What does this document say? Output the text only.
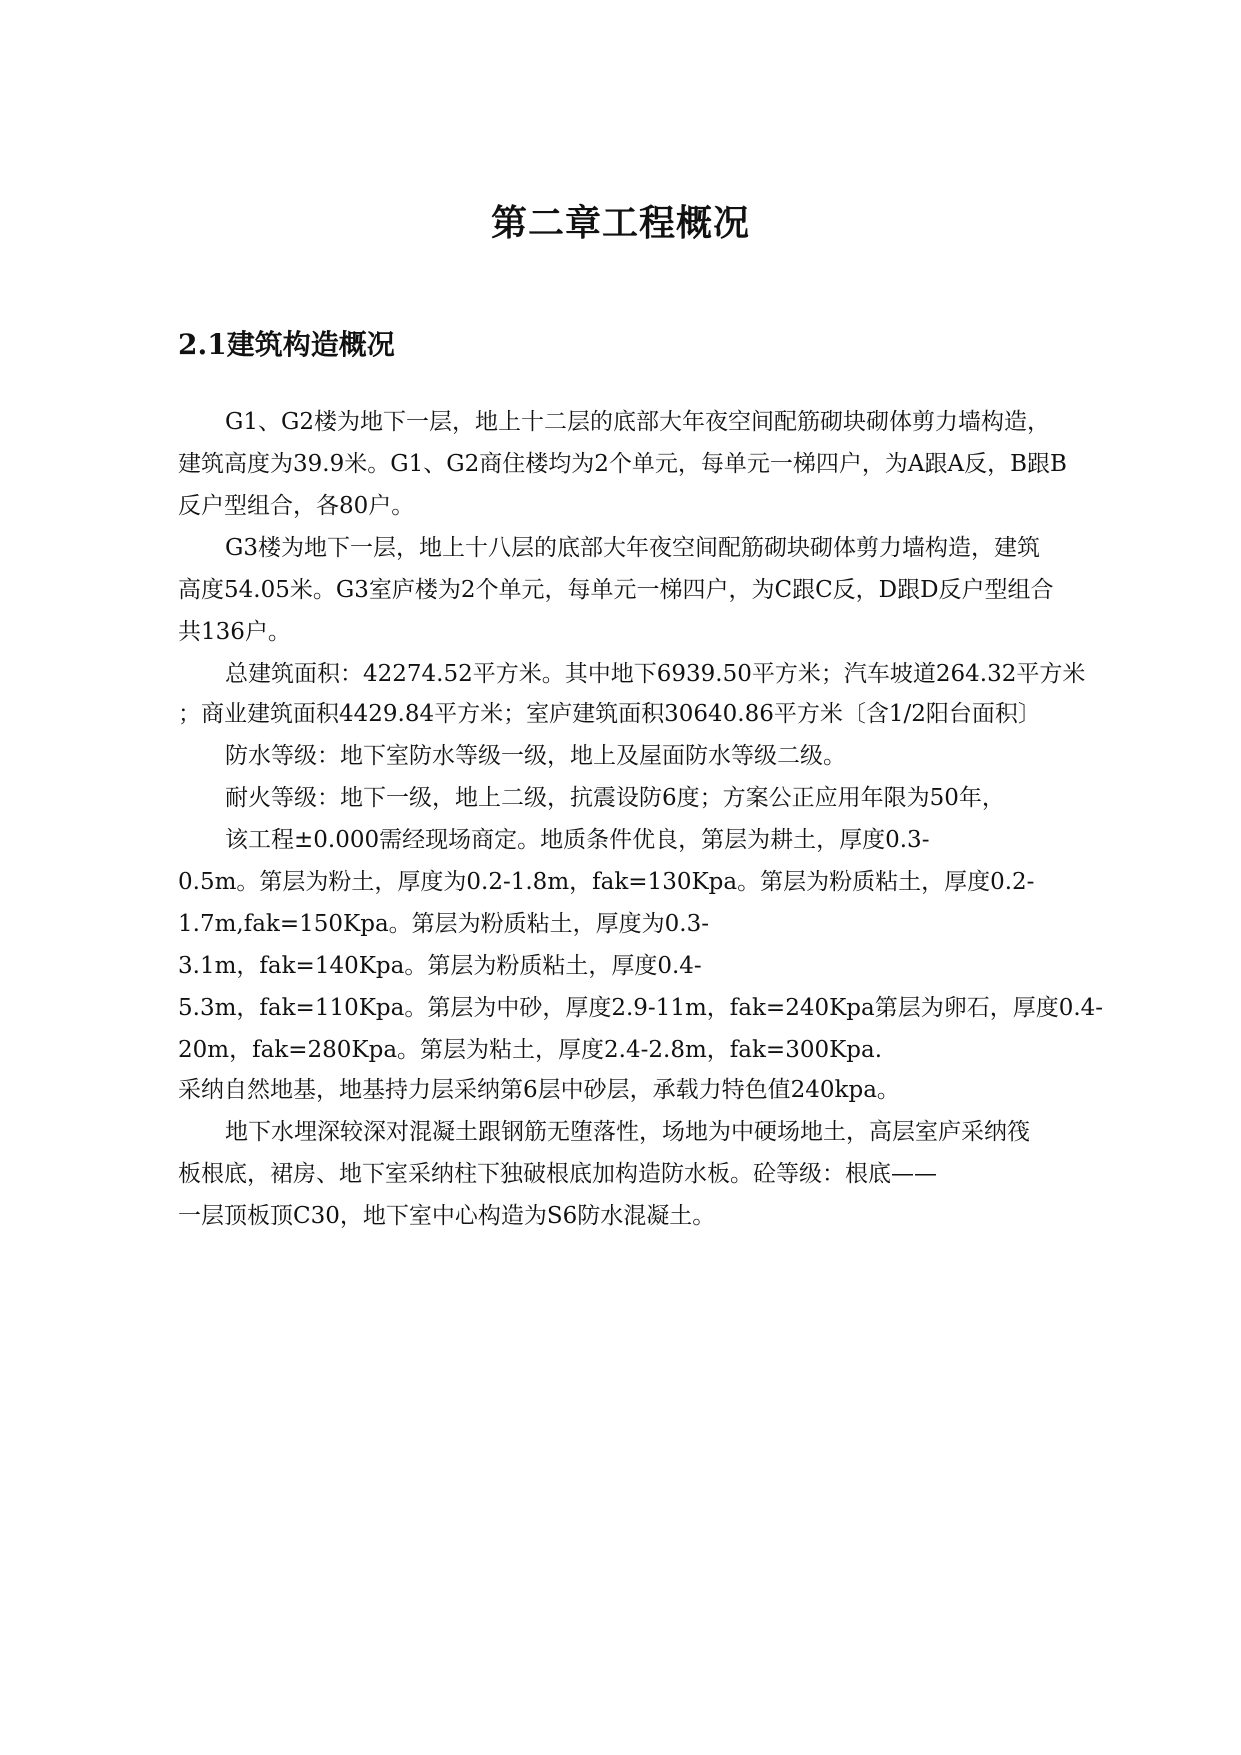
第二章工程概况
2.1建筑构造概况

G1、G2楼为地下一层，地上十二层的底部大年夜空间配筋砌块砌体剪力墙构造，

建筑高度为39.9米。G1、G2商住楼均为2个单元，每单元一梯四户，为A跟A反，B跟B

反户型组合，各80户。

G3楼为地下一层，地上十八层的底部大年夜空间配筋砌块砌体剪力墙构造，建筑

高度54.05米。G3室庐楼为2个单元，每单元一梯四户，为C跟C反，D跟D反户型组合

共136户。

总建筑面积：42274.52平方米。其中地下6939.50平方米；汽车坡道264.32平方米

；商业建筑面积4429.84平方米；室庐建筑面积30640.86平方米〔含1/2阳台面积〕

防水等级：地下室防水等级一级，地上及屋面防水等级二级。

耐火等级：地下一级，地上二级，抗震设防6度；方案公正应用年限为50年，

该工程±0.000需经现场商定。地质条件优良，第层为耕土，厚度0.3-

0.5m。第层为粉土，厚度为0.2-1.8m，fak=130Kpa。第层为粉质粘土，厚度0.2-

1.7m,fak=150Kpa。第层为粉质粘土，厚度为0.3-

3.1m，fak=140Kpa。第层为粉质粘土，厚度0.4-

5.3m，fak=110Kpa。第层为中砂，厚度2.9-11m，fak=240Kpa第层为卵石，厚度0.4-

20m，fak=280Kpa。第层为粘土，厚度2.4-2.8m，fak=300Kpa.

采纳自然地基，地基持力层采纳第6层中砂层，承载力特色值240kpa。

地下水埋深较深对混凝土跟钢筋无堕落性，场地为中硬场地土，高层室庐采纳筏

板根底，裙房、地下室采纳柱下独破根底加构造防水板。砼等级：根底——

一层顶板顶C30，地下室中心构造为S6防水混凝土。
